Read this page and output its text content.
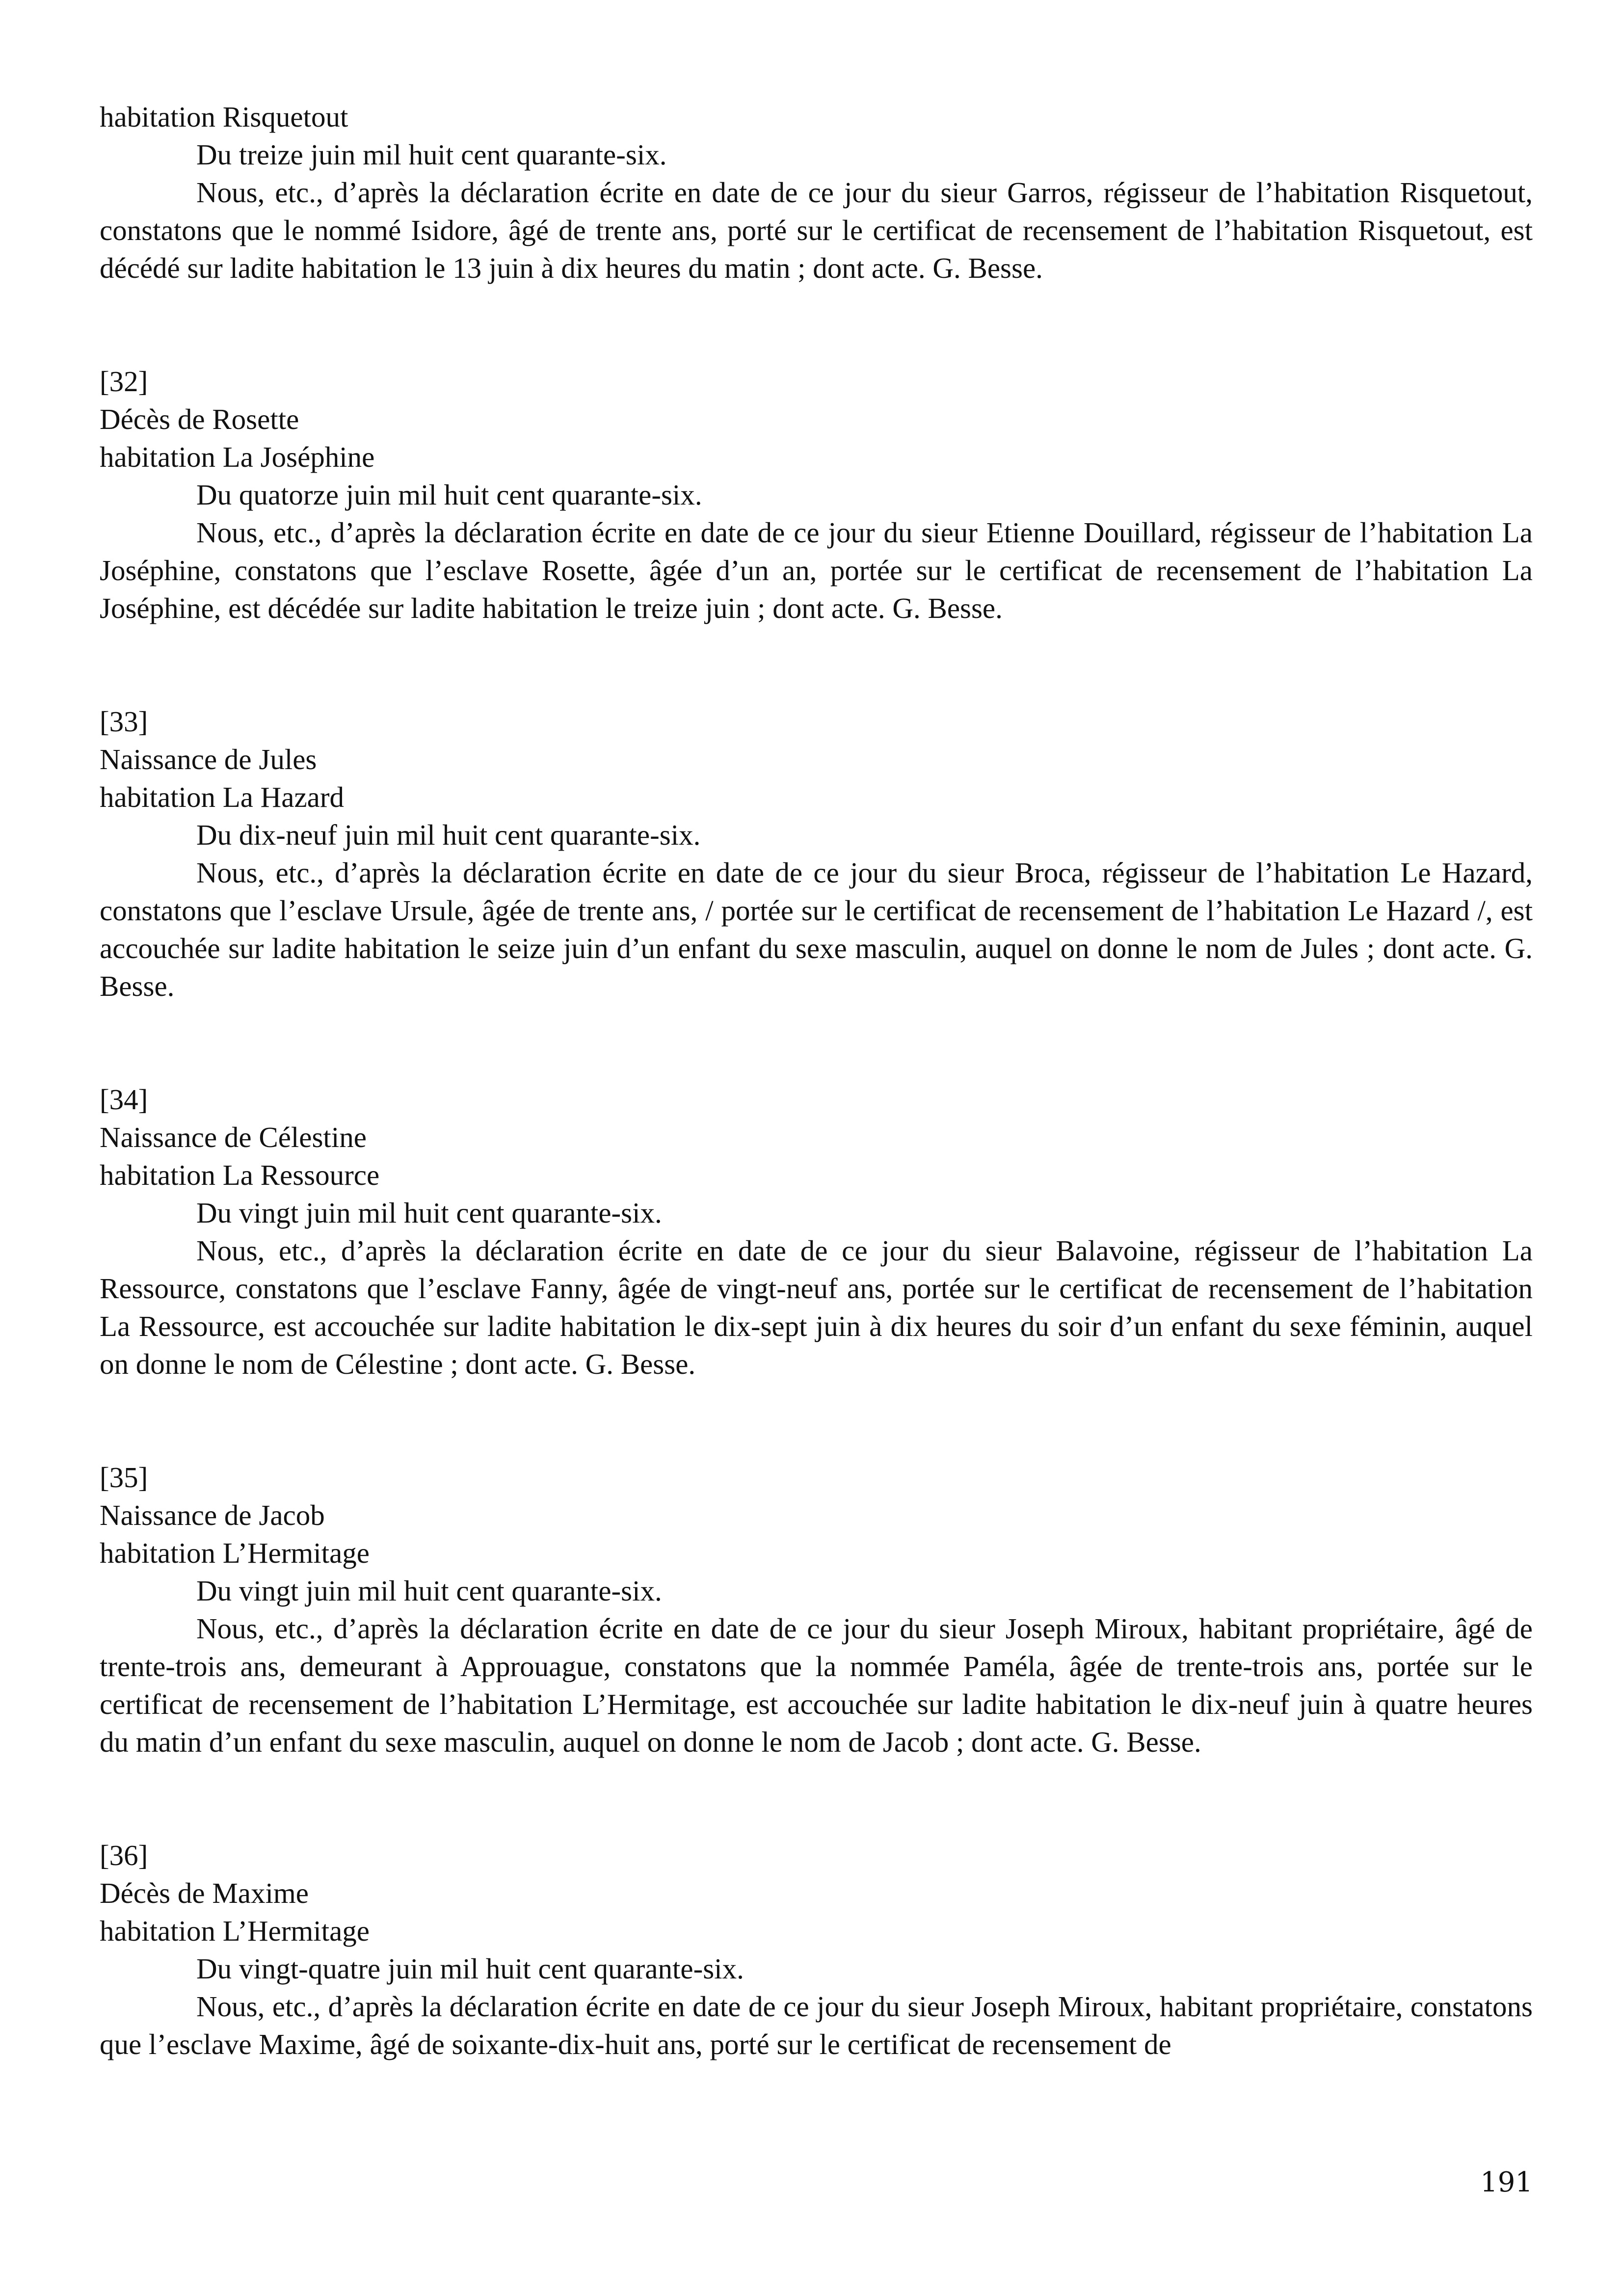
habitation Risquetout

Du treize juin mil huit cent quarante-six.

Nous, etc., d’après la déclaration écrite en date de ce jour du sieur Garros, régisseur de l’habitation Risquetout, constatons que le nommé Isidore, âgé de trente ans, porté sur le certificat de recensement de l’habitation Risquetout, est décédé sur ladite habitation le 13 juin à dix heures du matin ; dont acte. G. Besse.

[32]

Décès de Rosette

habitation La Joséphine

Du quatorze juin mil huit cent quarante-six.

Nous, etc., d’après la déclaration écrite en date de ce jour du sieur Etienne Douillard, régisseur de l’habitation La Joséphine, constatons que l’esclave Rosette, âgée d’un an, portée sur le certificat de recensement de l’habitation La Joséphine, est décédée sur ladite habitation le treize juin ; dont acte. G. Besse.

[33]

Naissance de Jules

habitation La Hazard

Du dix-neuf juin mil huit cent quarante-six.

Nous, etc., d’après la déclaration écrite en date de ce jour du sieur Broca, régisseur de l’habitation Le Hazard, constatons que l’esclave Ursule, âgée de trente ans, / portée sur le certificat de recensement de l’habitation Le Hazard /, est accouchée sur ladite habitation le seize juin d’un enfant du sexe masculin, auquel on donne le nom de Jules ; dont acte. G. Besse.

[34]

Naissance de Célestine

habitation La Ressource

Du vingt juin mil huit cent quarante-six.

Nous, etc., d’après la déclaration écrite en date de ce jour du sieur Balavoine, régisseur de l’habitation La Ressource, constatons que l’esclave Fanny, âgée de vingt-neuf ans, portée sur le certificat de recensement de l’habitation La Ressource, est accouchée sur ladite habitation le dix-sept juin à dix heures du soir d’un enfant du sexe féminin, auquel on donne le nom de Célestine ; dont acte. G. Besse.

[35]

Naissance de Jacob

habitation L’Hermitage

Du vingt juin mil huit cent quarante-six.

Nous, etc., d’après la déclaration écrite en date de ce jour du sieur Joseph Miroux, habitant propriétaire, âgé de trente-trois ans, demeurant à Approuague, constatons que la nommée Paméla, âgée de trente-trois ans, portée sur le certificat de recensement de l’habitation L’Hermitage, est accouchée sur ladite habitation le dix-neuf juin à quatre heures du matin d’un enfant du sexe masculin, auquel on donne le nom de Jacob ; dont acte. G. Besse.

[36]

Décès de Maxime

habitation L’Hermitage

Du vingt-quatre juin mil huit cent quarante-six.

Nous, etc., d’après la déclaration écrite en date de ce jour du sieur Joseph Miroux, habitant propriétaire, constatons que l’esclave Maxime, âgé de soixante-dix-huit ans, porté sur le certificat de recensement de

191
